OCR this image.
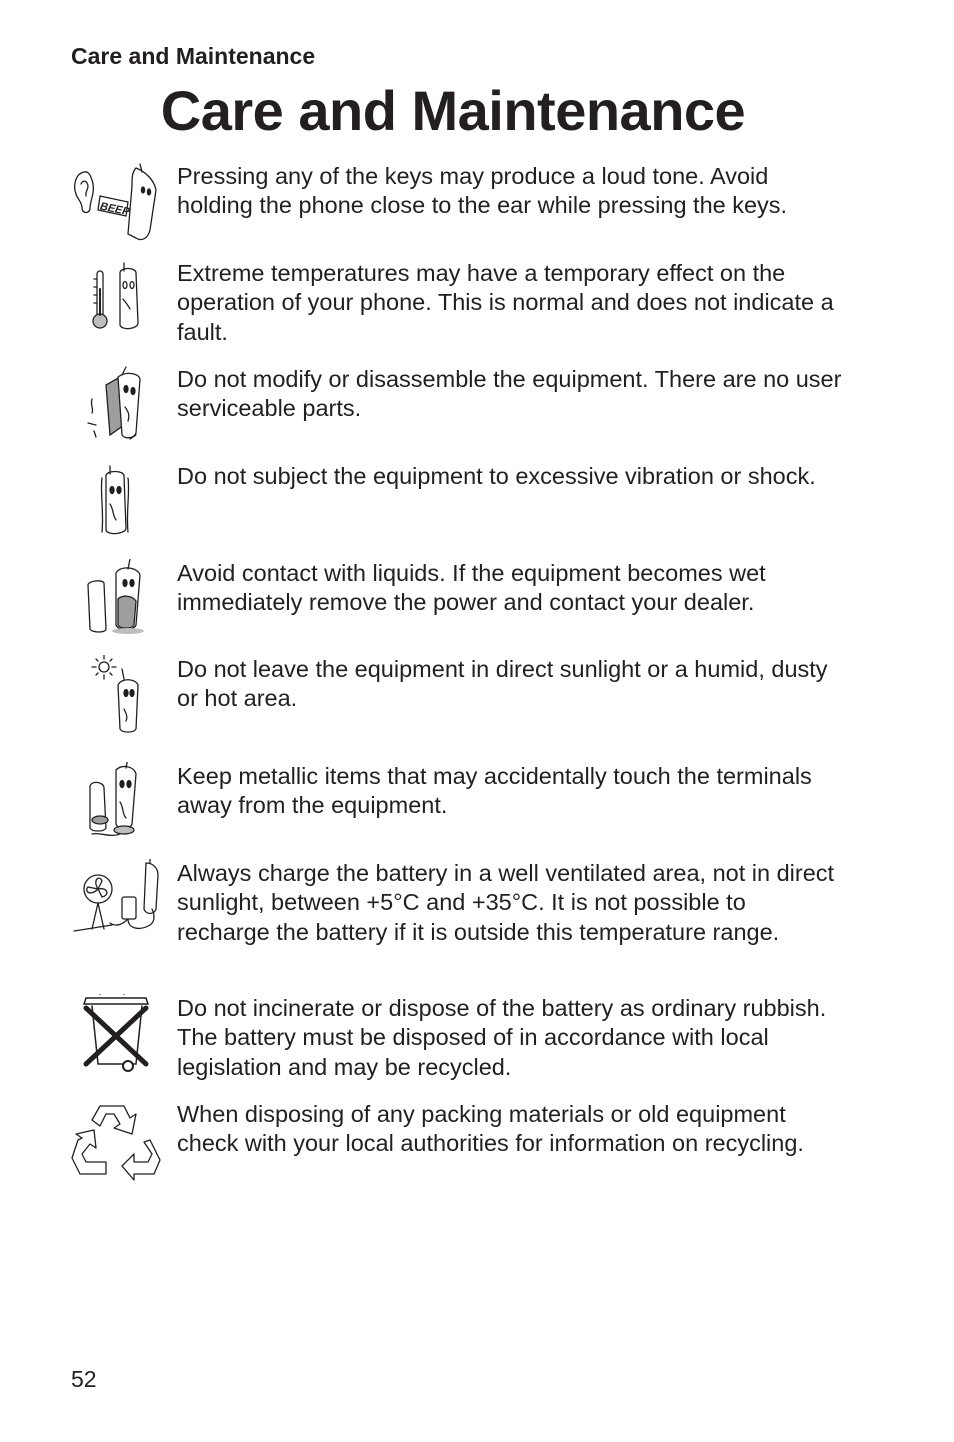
Care and Maintenance
Care and Maintenance
BEEP
Pressing any of the keys may produce a loud tone. Avoid holding the phone close to the ear while pressing the keys.
Extreme temperatures may have a temporary effect on the operation of your phone. This is normal and does not indicate a fault.
Do not modify or disassemble the equipment. There are no user serviceable parts.
Do not subject the equipment to excessive vibration or shock.
Avoid contact with liquids. If the equipment becomes wet immediately remove the power and contact your dealer.
Do not leave the equipment in direct sunlight or a humid, dusty or hot area.
Keep metallic items that may accidentally touch the terminals away from the equipment.
Always charge the battery in a well ventilated area, not in direct sunlight, between +5°C and +35°C. It is not possible to recharge the battery if it is outside this temperature range.
Do not incinerate or dispose of the battery as ordinary rubbish. The battery must be disposed of in accordance with local legislation and may be recycled.
When disposing of any packing materials or old equipment check with your local authorities for information on recycling.
52
